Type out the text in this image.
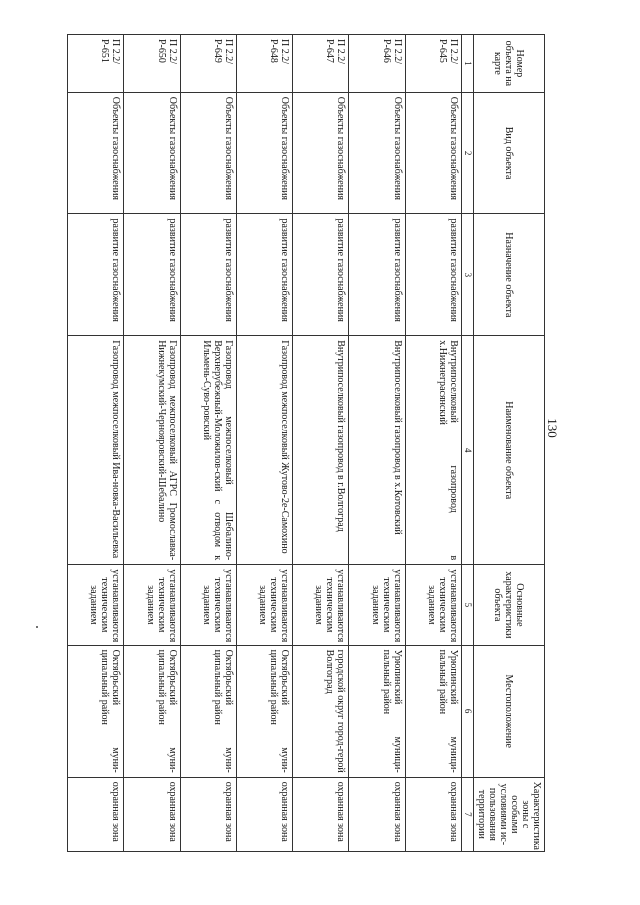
130
Номер объекта на карте	Вид объекта	Назначение объекта	Наименование объекта	Основные характеристики объекта	Местоположение	Характеристика зоны с особыми условиями ис-пользования территории
1	2	3	4	5	6	7
П 2.2/ Р-645	Объекты газоснабжения	развитие газоснабжения	Внутрипоселковый газопровод в х.Нижнеграсянский	устанавливаются техническим заданием	Урюпинский муници-пальный район	охранная зона
П 2.2/ Р-646	Объекты газоснабжения	развитие газоснабжения	Внутрипоселковый газопровод в х.Котовский	устанавливаются техническим заданием	Урюпинский муници-пальный район	охранная зона
П 2.2/ Р-647	Объекты газоснабжения	развитие газоснабжения	Внутрипоселковый газопровод в г.Волгоград	устанавливаются техническим заданием	городской округ город-герой Волгоград	охранная зона
П 2.2/ Р-648	Объекты газоснабжения	развитие газоснабжения	Газопровод межпоселковый Жутово-2е-Самохино	устанавливаются техническим заданием	Октябрьский муни-ципальный район	охранная зона
П 2.2/ Р-649	Объекты газоснабжения	развитие газоснабжения	Газопровод межпоселковый Шебалино-Верхнерубежный-Моложилов-ский с отводом к Ильмень-Суво-ровский	устанавливаются техническим заданием	Октябрьский муни-ципальный район	охранная зона
П 2.2/ Р-650	Объекты газоснабжения	развитие газоснабжения	Газопровод межпоселковый АГРС Громославка-Нижнекумский-Чернояровский-Шебалино	устанавливаются техническим заданием	Октябрьский муни-ципальный район	охранная зона
П 2.2/ Р-651	Объекты газоснабжения	развитие газоснабжения	Газопровод межпоселковый Ива-новка-Васильевка	устанавливаются техническим заданием	Октябрьский муни-ципальный район	охранная зона
